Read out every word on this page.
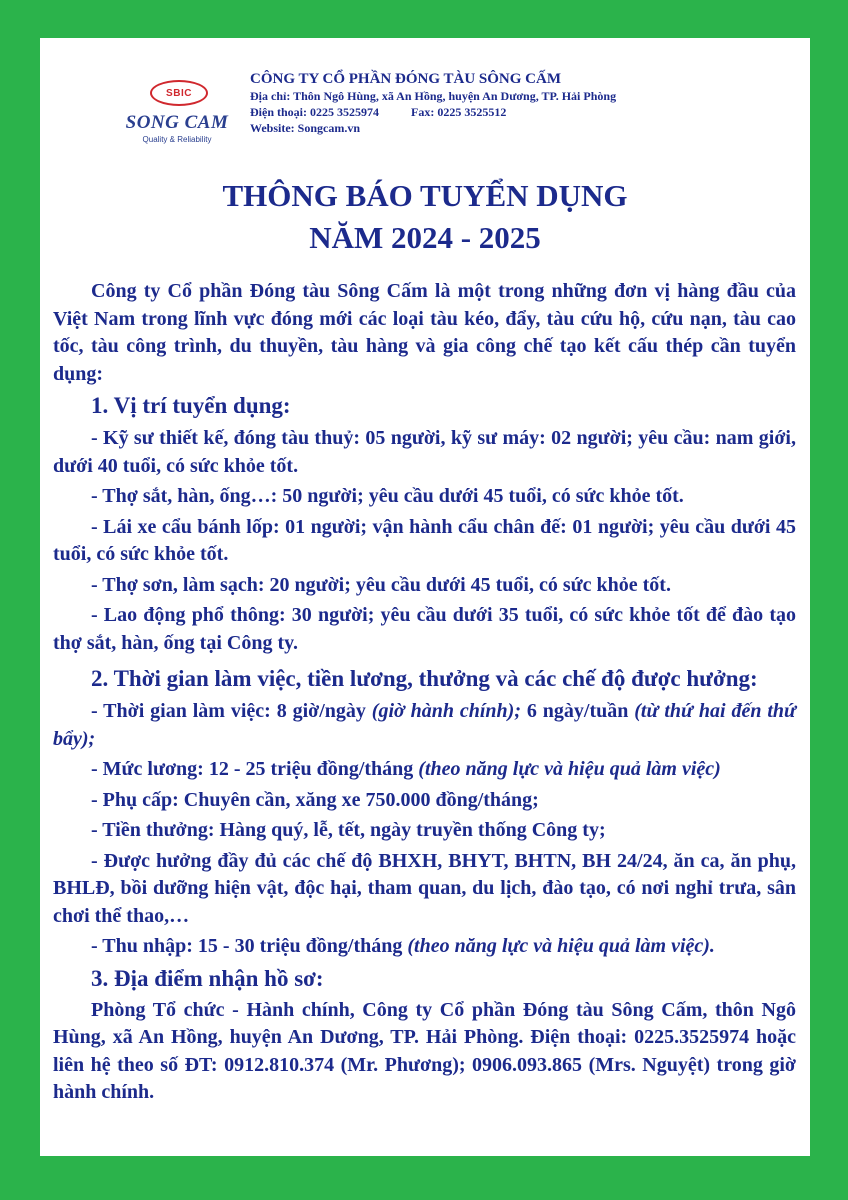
SBIC
SONG CAM
Quality & Reliability
CÔNG TY CỔ PHẦN ĐÓNG TÀU SÔNG CẤM
Địa chỉ: Thôn Ngô Hùng, xã An Hồng, huyện An Dương, TP. Hải Phòng
Điện thoại: 0225 3525974	Fax: 0225 3525512
Website: Songcam.vn
THÔNG BÁO TUYỂN DỤNG
NĂM 2024 - 2025

Công ty Cổ phần Đóng tàu Sông Cấm là một trong những đơn vị hàng đầu của Việt Nam trong lĩnh vực đóng mới các loại tàu kéo, đẩy, tàu cứu hộ, cứu nạn, tàu cao tốc, tàu công trình, du thuyền, tàu hàng và gia công chế tạo kết cấu thép cần tuyển dụng:

1. Vị trí tuyển dụng:

- Kỹ sư thiết kế, đóng tàu thuỷ: 05 người, kỹ sư máy: 02 người; yêu cầu: nam giới, dưới 40 tuổi, có sức khỏe tốt.

- Thợ sắt, hàn, ống…: 50 người; yêu cầu dưới 45 tuổi, có sức khỏe tốt.

- Lái xe cẩu bánh lốp: 01 người; vận hành cẩu chân đế: 01 người; yêu cầu dưới 45 tuổi, có sức khỏe tốt.

- Thợ sơn, làm sạch: 20 người; yêu cầu dưới 45 tuổi, có sức khỏe tốt.

- Lao động phổ thông: 30 người; yêu cầu dưới 35 tuổi, có sức khỏe tốt để đào tạo thợ sắt, hàn, ống tại Công ty.

2. Thời gian làm việc, tiền lương, thưởng và các chế độ được hưởng:

- Thời gian làm việc: 8 giờ/ngày (giờ hành chính); 6 ngày/tuần (từ thứ hai đến thứ bẩy);

- Mức lương: 12 - 25 triệu đồng/tháng (theo năng lực và hiệu quả làm việc)

- Phụ cấp: Chuyên cần, xăng xe 750.000 đồng/tháng;

- Tiền thưởng: Hàng quý, lễ, tết, ngày truyền thống Công ty;

- Được hưởng đầy đủ các chế độ BHXH, BHYT, BHTN, BH 24/24, ăn ca, ăn phụ, BHLĐ, bồi dưỡng hiện vật, độc hại, tham quan, du lịch, đào tạo, có nơi nghỉ trưa, sân chơi thể thao,…

- Thu nhập: 15 - 30 triệu đồng/tháng (theo năng lực và hiệu quả làm việc).

3. Địa điểm nhận hồ sơ:

Phòng Tổ chức - Hành chính, Công ty Cổ phần Đóng tàu Sông Cấm, thôn Ngô Hùng, xã An Hồng, huyện An Dương, TP. Hải Phòng. Điện thoại: 0225.3525974 hoặc liên hệ theo số ĐT: 0912.810.374 (Mr. Phương); 0906.093.865 (Mrs. Nguyệt) trong giờ hành chính.
